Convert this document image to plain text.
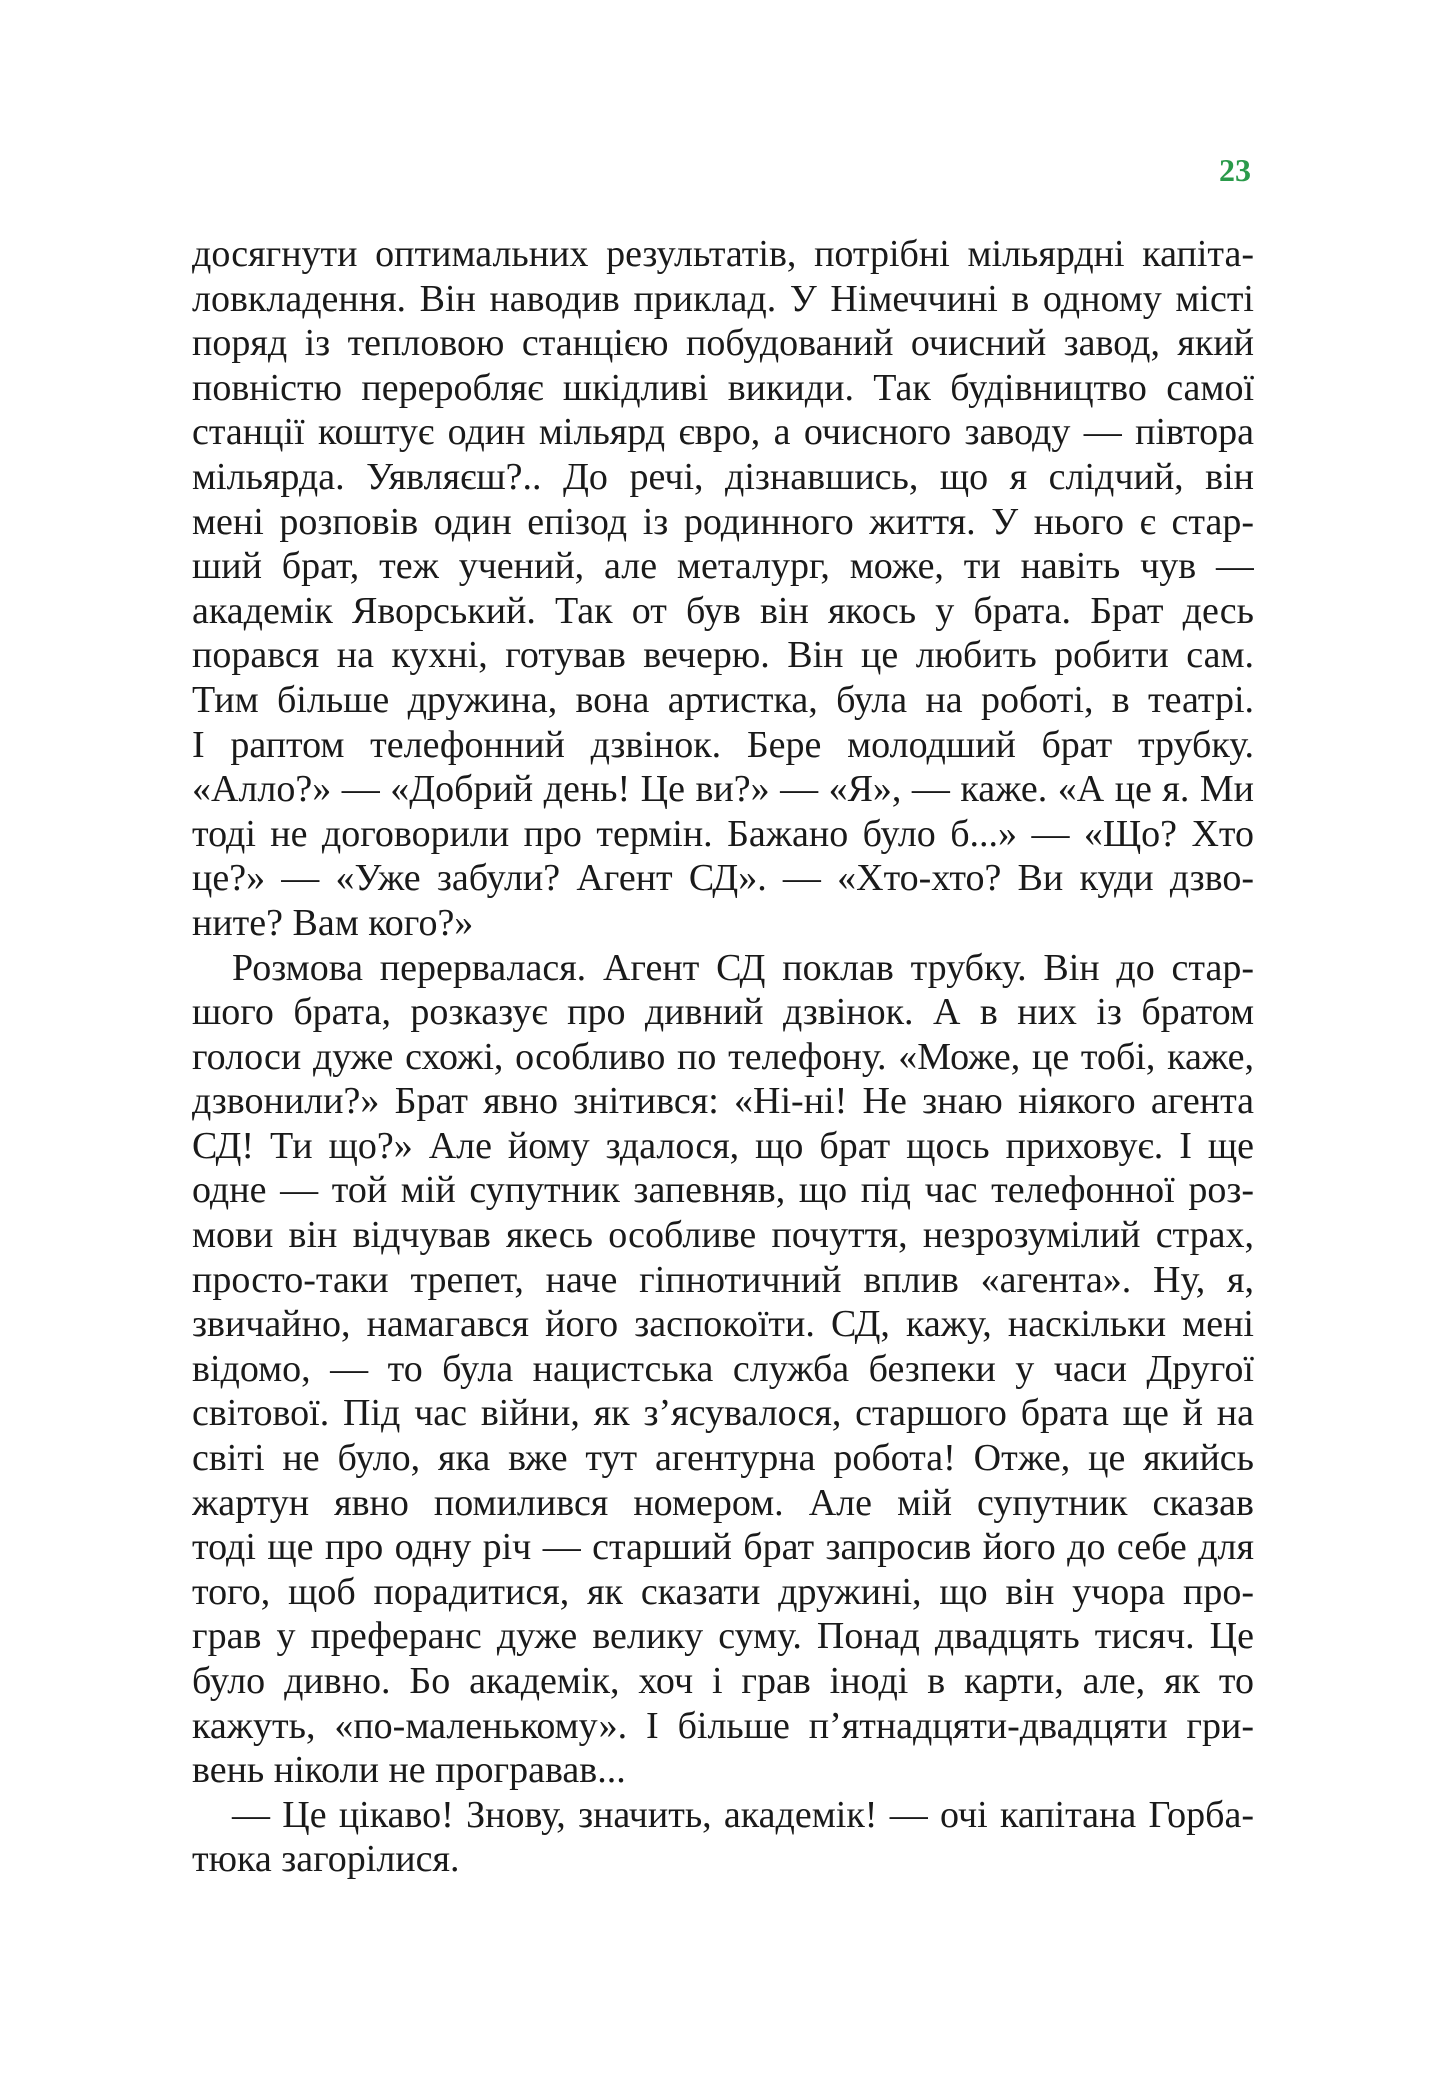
23
досягнути оптимальних результатів, потрібні мільярдні капіта-
ловкладення. Він наводив приклад. У Німеччині в одному місті
поряд із тепловою станцією побудований очисний завод, який
повністю переробляє шкідливі викиди. Так будівництво самої
станції коштує один мільярд євро, а очисного заводу — півтора
мільярда. Уявляєш?.. До речі, дізнавшись, що я слідчий, він
мені розповів один епізод із родинного життя. У нього є стар-
ший брат, теж учений, але металург, може, ти навіть чув —
академік Яворський. Так от був він якось у брата. Брат десь
порався на кухні, готував вечерю. Він це любить робити сам.
Тим більше дружина, вона артистка, була на роботі, в театрі.
І раптом телефонний дзвінок. Бере молодший брат трубку.
«Алло?» — «Добрий день! Це ви?» — «Я», — каже. «А це я. Ми
тоді не договорили про термін. Бажано було б...» — «Що? Хто
це?» — «Уже забули? Агент СД». — «Хто-хто? Ви куди дзво-
ните? Вам кого?»
Розмова перервалася. Агент СД поклав трубку. Він до стар-
шого брата, розказує про дивний дзвінок. А в них із братом
голоси дуже схожі, особливо по телефону. «Може, це тобі, каже,
дзвонили?» Брат явно знітився: «Ні-ні! Не знаю ніякого агента
СД! Ти що?» Але йому здалося, що брат щось приховує. І ще
одне — той мій супутник запевняв, що під час телефонної роз-
мови він відчував якесь особливе почуття, незрозумілий страх,
просто-таки трепет, наче гіпнотичний вплив «агента». Ну, я,
звичайно, намагався його заспокоїти. СД, кажу, наскільки мені
відомо, — то була нацистська служба безпеки у часи Другої
світової. Під час війни, як з’ясувалося, старшого брата ще й на
світі не було, яка вже тут агентурна робота! Отже, це якийсь
жартун явно помилився номером. Але мій супутник сказав
тоді ще про одну річ — старший брат запросив його до себе для
того, щоб порадитися, як сказати дружині, що він учора про-
грав у преферанс дуже велику суму. Понад двадцять тисяч. Це
було дивно. Бо академік, хоч і грав іноді в карти, але, як то
кажуть, «по-маленькому». І більше п’ятнадцяти-двадцяти гри-
вень ніколи не програвав...
— Це цікаво! Знову, значить, академік! — очі капітана Горба-
тюка загорілися.
